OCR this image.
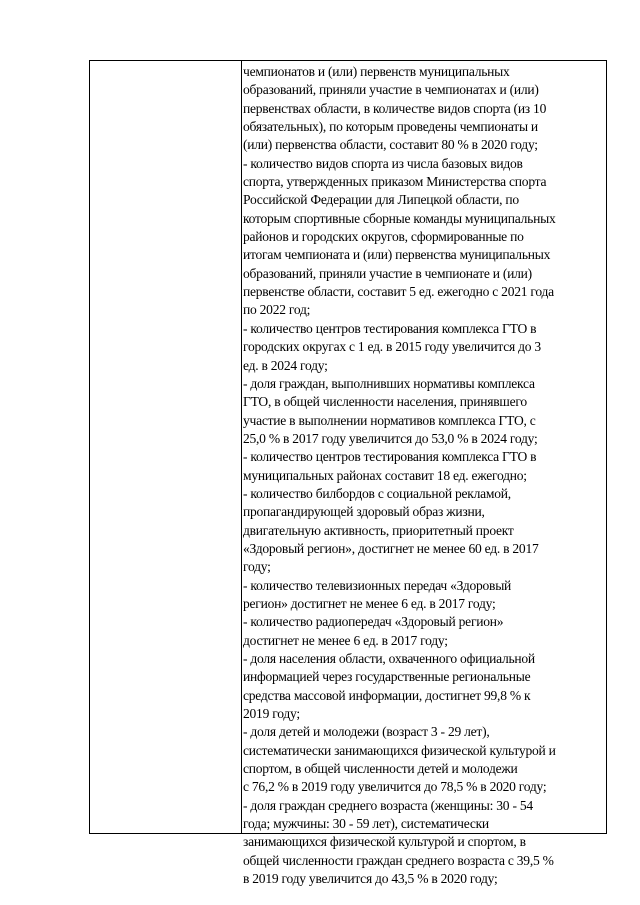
чемпионатов и (или) первенств муниципальных
образований, приняли участие в чемпионатах и (или)
первенствах области, в количестве видов спорта (из 10
обязательных), по которым проведены чемпионаты и
(или) первенства области, составит 80 % в 2020 году;
- количество видов спорта из числа базовых видов
спорта, утвержденных приказом Министерства спорта
Российской Федерации для Липецкой области, по
которым спортивные сборные команды муниципальных
районов и городских округов, сформированные по
итогам чемпионата и (или) первенства муниципальных
образований, приняли участие в чемпионате и (или)
первенстве области, составит 5 ед. ежегодно с 2021 года
по 2022 год;
- количество центров тестирования комплекса ГТО в
городских округах с 1 ед. в 2015 году увеличится до 3
ед. в 2024 году;
- доля граждан, выполнивших нормативы комплекса
ГТО, в общей численности населения, принявшего
участие в выполнении нормативов комплекса ГТО, с
25,0 % в 2017 году увеличится до 53,0 % в 2024 году;
- количество центров тестирования комплекса ГТО в
муниципальных районах составит 18 ед. ежегодно;
- количество билбордов с социальной рекламой,
пропагандирующей здоровый образ жизни,
двигательную активность, приоритетный проект
«Здоровый регион», достигнет не менее 60 ед. в 2017
году;
- количество телевизионных передач «Здоровый
регион» достигнет не менее 6 ед. в 2017 году;
- количество радиопередач «Здоровый регион»
достигнет не менее 6 ед. в 2017 году;
- доля населения области, охваченного официальной
информацией через государственные региональные
средства массовой информации, достигнет 99,8 % к
2019 году;
- доля детей и молодежи (возраст 3 - 29 лет),
систематически занимающихся физической культурой и
спортом, в общей численности детей и молодежи
с 76,2 % в 2019 году увеличится до 78,5 % в 2020 году;
- доля граждан среднего возраста (женщины: 30 - 54
года; мужчины: 30 - 59 лет), систематически
занимающихся физической культурой и спортом, в
общей численности граждан среднего возраста с 39,5 %
в 2019 году увеличится до 43,5 % в 2020 году;
